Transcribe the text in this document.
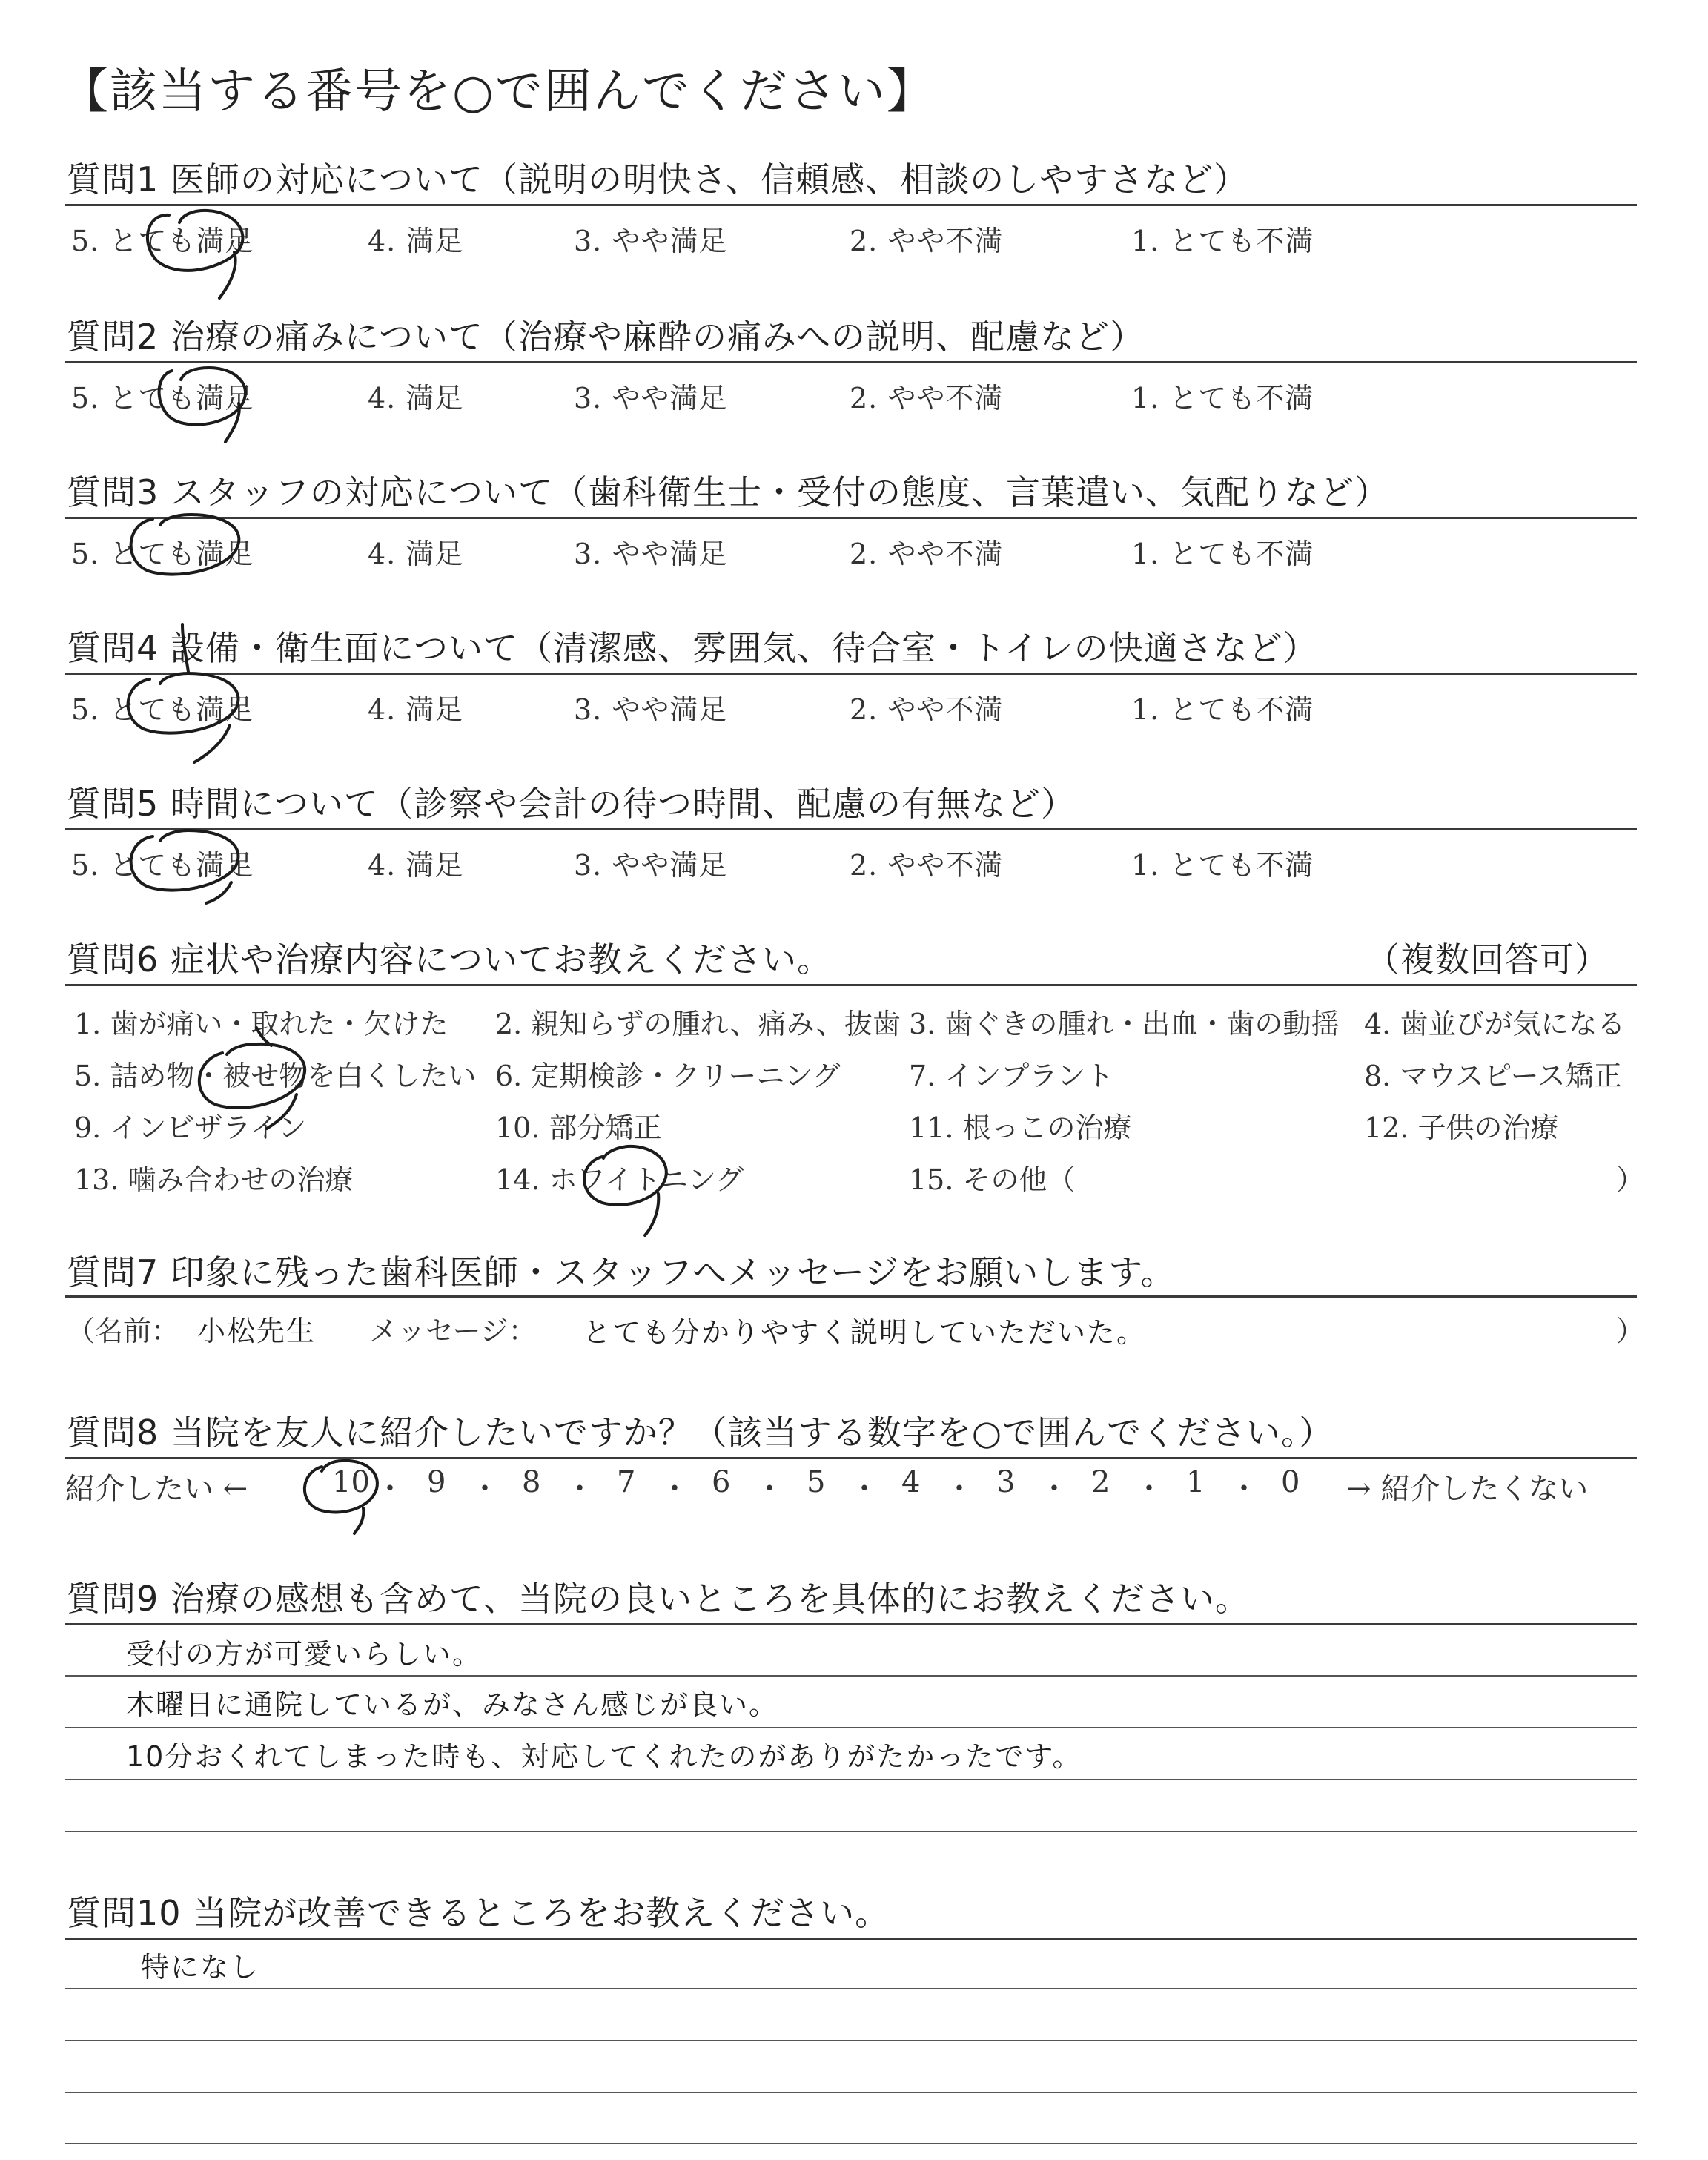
【該当する番号を○で囲んでください】
質問1 医師の対応について（説明の明快さ、信頼感、相談のしやすさなど）
5. とても満足	4. 満足	3. やや満足	2. やや不満	1. とても不満
質問2 治療の痛みについて（治療や麻酔の痛みへの説明、配慮など）
5. とても満足	4. 満足	3. やや満足	2. やや不満	1. とても不満
質問3 スタッフの対応について（歯科衛生士・受付の態度、言葉遣い、気配りなど）
5. とても満足	4. 満足	3. やや満足	2. やや不満	1. とても不満
質問4 設備・衛生面について（清潔感、雰囲気、待合室・トイレの快適さなど）
5. とても満足	4. 満足	3. やや満足	2. やや不満	1. とても不満
質問5 時間について（診察や会計の待つ時間、配慮の有無など）
5. とても満足	4. 満足	3. やや満足	2. やや不満	1. とても不満
質問6 症状や治療内容についてお教えください。	（複数回答可）
1. 歯が痛い・取れた・欠けた 2. 親知らずの腫れ、痛み、抜歯 3. 歯ぐきの腫れ・出血・歯の動揺 4. 歯並びが気になる
5. 詰め物・被せ物を白くしたい 6. 定期検診・クリーニング 7. インプラント	8. マウスピース矯正
9. インビザライン	10. 部分矯正	11. 根っこの治療	12. 子供の治療
13. 噛み合わせの治療	14. ホワイトニング	15. その他（	）
質問7 印象に残った歯科医師・スタッフへメッセージをお願いします。
（名前： 小松先生 メッセージ： とても分かりやすく説明していただいた。	）
質問8 当院を友人に紹介したいですか？（該当する数字を○で囲んでください。）
紹介したい ←	10 ・ 9 ・ 8 ・ 7 ・ 6 ・ 5 ・ 4 ・ 3 ・ 2 ・ 1 ・ 0 → 紹介したくない
質問9 治療の感想も含めて、当院の良いところを具体的にお教えください。
受付の方が可愛いらしい。
木曜日に通院しているが、みなさん感じが良い。
10分おくれてしまった時も、対応してくれたのがありがたかったです。
質問10 当院が改善できるところをお教えください。
特になし
